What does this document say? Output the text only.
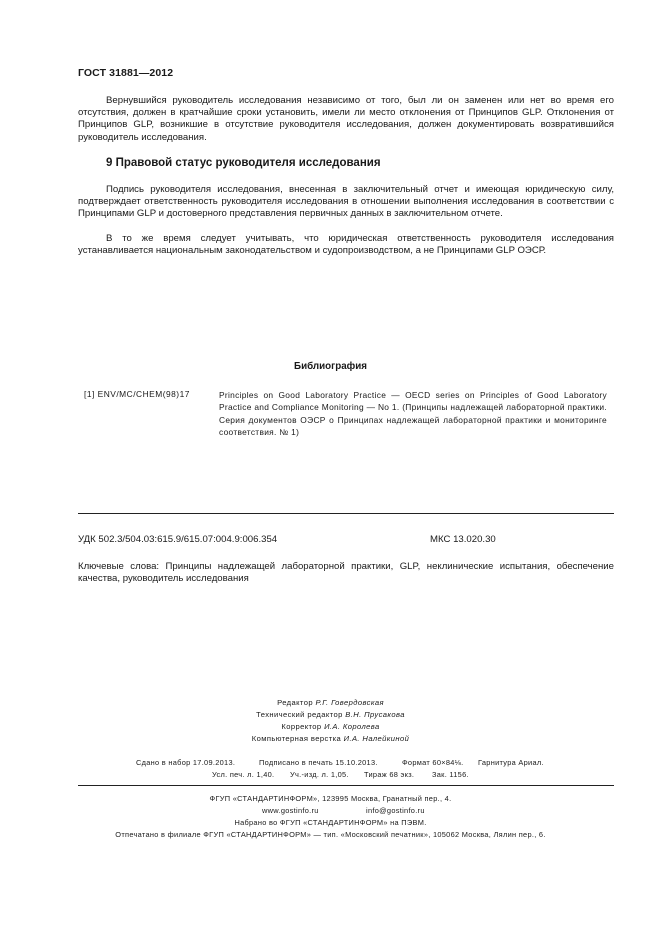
ГОСТ 31881—2012
Вернувшийся руководитель исследования независимо от того, был ли он заменен или нет во время его отсутствия, должен в кратчайшие сроки установить, имели ли место отклонения от Принципов GLP. Отклонения от Принципов GLP, возникшие в отсутствие руководителя исследования, должен документировать возвратившийся руководитель исследования.
9 Правовой статус руководителя исследования
Подпись руководителя исследования, внесенная в заключительный отчет и имеющая юридическую силу, подтверждает ответственность руководителя исследования в отношении выполнения исследования в соответствии с Принципами GLP и достоверного представления первичных данных в заключительном отчете.
В то же время следует учитывать, что юридическая ответственность руководителя исследования устанавливается национальным законодательством и судопроизводством, а не Принципами GLP ОЭСР.
Библиография
[1] ENV/MC/CHEM(98)17	Principles on Good Laboratory Practice — OECD series on Principles of Good Laboratory Practice and Compliance Monitoring — No 1. (Принципы надлежащей лабораторной практики. Серия документов ОЭСР о Принципах надлежащей лабораторной практики и мониторинге соответствия. № 1)
УДК 502.3/504.03:615.9/615.07:004.9:006.354	МКС 13.020.30
Ключевые слова: Принципы надлежащей лабораторной практики, GLP, неклинические испытания, обеспечение качества, руководитель исследования
Редактор Р.Г. Говердовская
Технический редактор В.Н. Прусакова
Корректор И.А. Королева
Компьютерная верстка И.А. Налейкиной
Сдано в набор 17.09.2013.	Подписано в печать 15.10.2013.	Формат 60×84⅛. Гарнитура Ариал.
Усл. печ. л. 1,40. Уч.-изд. л. 1,05. Тираж 68 экз. Зак. 1156.
ФГУП «СТАНДАРТИНФОРМ», 123995 Москва, Гранатный пер., 4.
www.gostinfo.ru	info@gostinfo.ru
Набрано во ФГУП «СТАНДАРТИНФОРМ» на ПЭВМ.
Отпечатано в филиале ФГУП «СТАНДАРТИНФОРМ» — тип. «Московский печатник», 105062 Москва, Лялин пер., 6.
